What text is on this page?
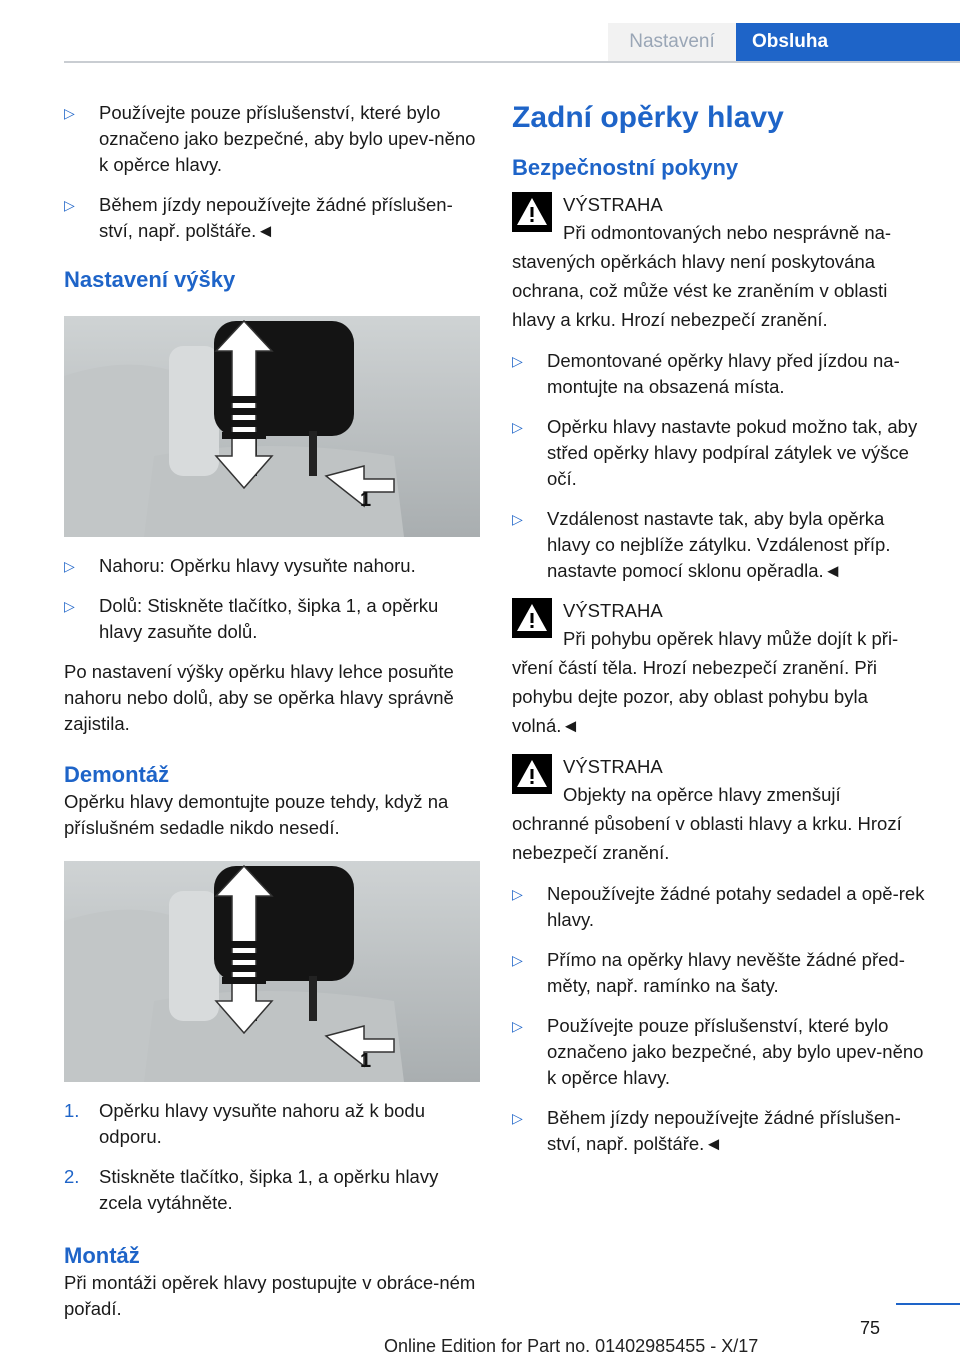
Nastavení	Obsluha
▷ Používejte pouze příslušenství, které bylo označeno jako bezpečné, aby bylo upev‐něno k opěrce hlavy.
▷ Během jízdy nepoužívejte žádné příslušen‐ství, např. polštáře.◄
Nastavení výšky
1
▷ Nahoru: Opěrku hlavy vysuňte nahoru.
▷ Dolů: Stiskněte tlačítko, šipka 1, a opěrku hlavy zasuňte dolů.

Po nastavení výšky opěrku hlavy lehce posuňte nahoru nebo dolů, aby se opěrka hlavy správně zajistila.

Demontáž

Opěrku hlavy demontujte pouze tehdy, když na příslušném sedadle nikdo nesedí.

1
1. Opěrku hlavy vysuňte nahoru až k bodu odporu.
2. Stiskněte tlačítko, šipka 1, a opěrku hlavy zcela vytáhněte.
Montáž

Při montáži opěrek hlavy postupujte v obráce‐ném pořadí.

Zadní opěrky hlavy
Bezpečnostní pokyny
VÝSTRAHA
Při odmontovaných nebo nesprávně na‐
stavených opěrkách hlavy není poskytována ochrana, což může vést ke zraněním v oblasti hlavy a krku. Hrozí nebezpečí zranění.
▷ Demontované opěrky hlavy před jízdou na‐montujte na obsazená místa.
▷ Opěrku hlavy nastavte pokud možno tak, aby střed opěrky hlavy podpíral zátylek ve výšce očí.
▷ Vzdálenost nastavte tak, aby byla opěrka hlavy co nejblíže zátylku. Vzdálenost příp. nastavte pomocí sklonu opěradla.◄
VÝSTRAHA
Při pohybu opěrek hlavy může dojít k při‐
vření částí těla. Hrozí nebezpečí zranění. Při pohybu dejte pozor, aby oblast pohybu byla volná.◄
VÝSTRAHA
Objekty na opěrce hlavy zmenšují
ochranné působení v oblasti hlavy a krku. Hrozí nebezpečí zranění.
▷ Nepoužívejte žádné potahy sedadel a opě‐rek hlavy.
▷ Přímo na opěrky hlavy nevěšte žádné před‐měty, např. ramínko na šaty.
▷ Používejte pouze příslušenství, které bylo označeno jako bezpečné, aby bylo upev‐něno k opěrce hlavy.
▷ Během jízdy nepoužívejte žádné příslušen‐ství, např. polštáře.◄
75
Online Edition for Part no. 01402985455 - X/17
